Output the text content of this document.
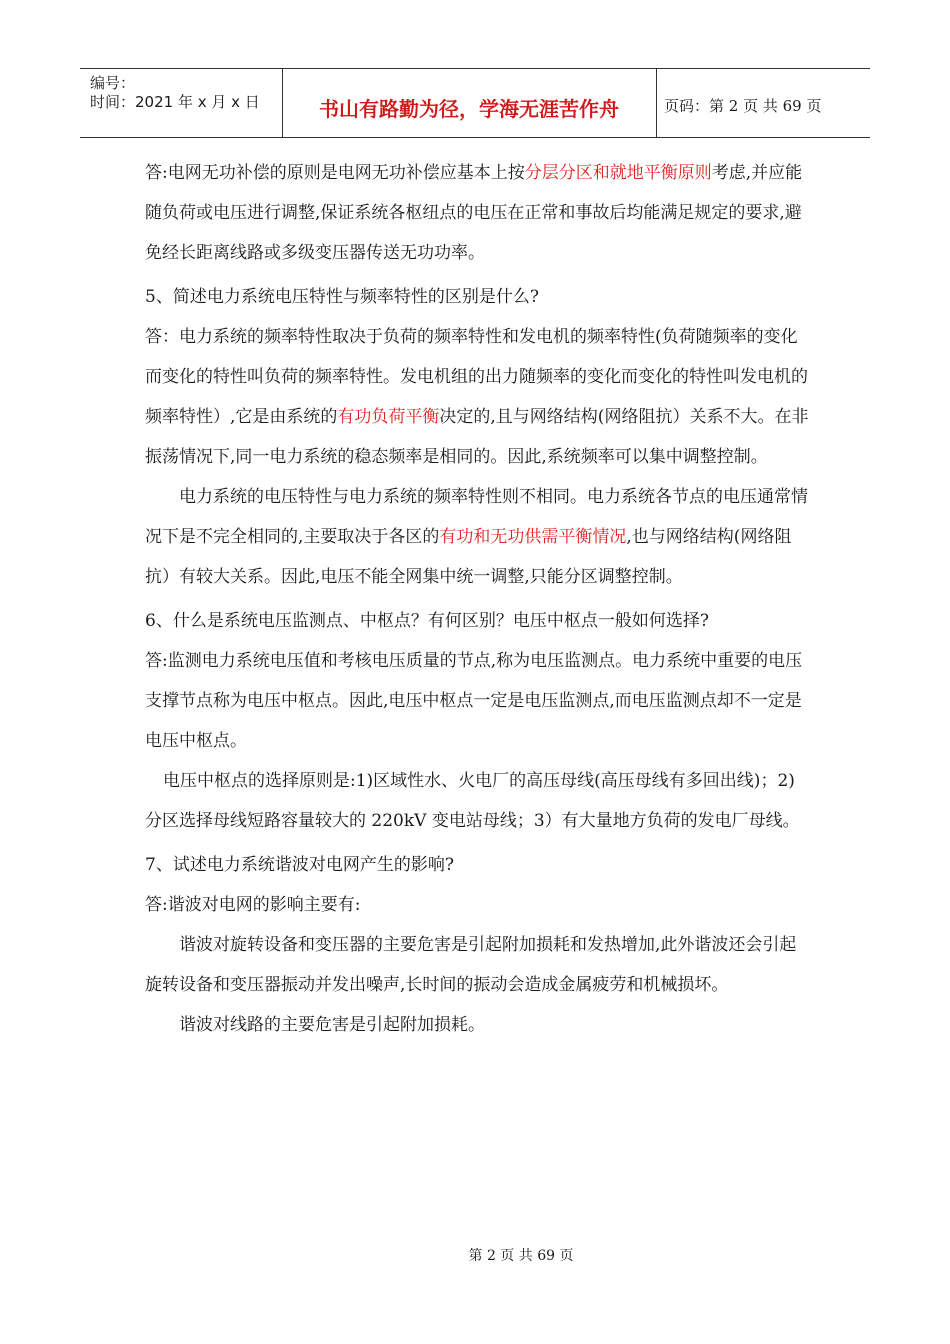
编号：
时间：2021 年 x 月 x 日	书山有路勤为径，学海无涯苦作舟	页码：第 2 页 共 69 页

答:电网无功补偿的原则是电网无功补偿应基本上按分层分区和就地平衡原则考虑,并应能随负荷或电压进行调整,保证系统各枢纽点的电压在正常和事故后均能满足规定的要求,避免经长距离线路或多级变压器传送无功功率。

5、简述电力系统电压特性与频率特性的区别是什么?

答：电力系统的频率特性取决于负荷的频率特性和发电机的频率特性(负荷随频率的变化而变化的特性叫负荷的频率特性。发电机组的出力随频率的变化而变化的特性叫发电机的频率特性）,它是由系统的有功负荷平衡决定的,且与网络结构(网络阻抗）关系不大。在非振荡情况下,同一电力系统的稳态频率是相同的。因此,系统频率可以集中调整控制。

电力系统的电压特性与电力系统的频率特性则不相同。电力系统各节点的电压通常情况下是不完全相同的,主要取决于各区的有功和无功供需平衡情况,也与网络结构(网络阻抗）有较大关系。因此,电压不能全网集中统一调整,只能分区调整控制。

6、什么是系统电压监测点、中枢点？有何区别？电压中枢点一般如何选择?

答:监测电力系统电压值和考核电压质量的节点,称为电压监测点。电力系统中重要的电压支撑节点称为电压中枢点。因此,电压中枢点一定是电压监测点,而电压监测点却不一定是电压中枢点。

电压中枢点的选择原则是:1)区域性水、火电厂的高压母线(高压母线有多回出线)；2)分区选择母线短路容量较大的 220kV 变电站母线；3）有大量地方负荷的发电厂母线。

7、试述电力系统谐波对电网产生的影响?

答:谐波对电网的影响主要有:

谐波对旋转设备和变压器的主要危害是引起附加损耗和发热增加,此外谐波还会引起旋转设备和变压器振动并发出噪声,长时间的振动会造成金属疲劳和机械损坏。

谐波对线路的主要危害是引起附加损耗。

第 2 页 共 69 页
